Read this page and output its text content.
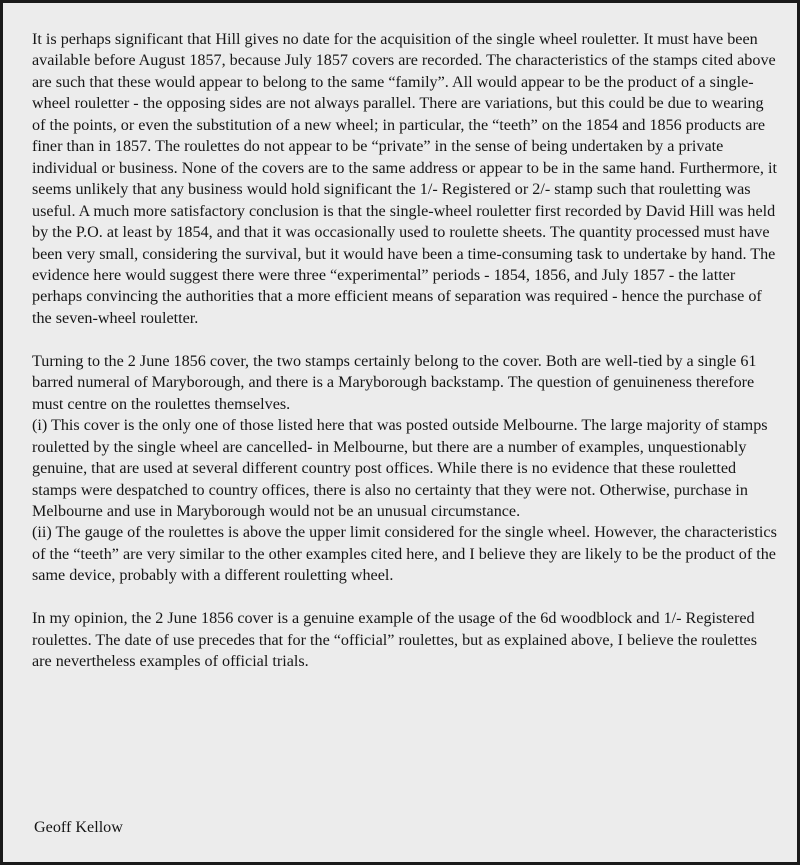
It is perhaps significant that Hill gives no date for the acquisition of the single wheel rouletter. It must have been available before August 1857, because July 1857 covers are recorded. The characteristics of the stamps cited above are such that these would appear to belong to the same “family”. All would appear to be the product of a single-wheel rouletter - the opposing sides are not always parallel. There are variations, but this could be due to wearing of the points, or even the substitution of a new wheel; in particular, the “teeth” on the 1854 and 1856 products are finer than in 1857. The roulettes do not appear to be “private” in the sense of being undertaken by a private individual or business. None of the covers are to the same address or appear to be in the same hand. Furthermore, it seems unlikely that any business would hold significant the 1/- Registered or 2/- stamp such that rouletting was useful. A much more satisfactory conclusion is that the single-wheel rouletter first recorded by David Hill was held by the P.O. at least by 1854, and that it was occasionally used to roulette sheets. The quantity processed must have been very small, considering the survival, but it would have been a time-consuming task to undertake by hand. The evidence here would suggest there were three “experimental” periods - 1854, 1856, and July 1857 - the latter perhaps convincing the authorities that a more efficient means of separation was required - hence the purchase of the seven-wheel rouletter.

Turning to the 2 June 1856 cover, the two stamps certainly belong to the cover. Both are well-tied by a single 61 barred numeral of Maryborough, and there is a Maryborough backstamp. The question of genuineness therefore must centre on the roulettes themselves.

(i) This cover is the only one of those listed here that was posted outside Melbourne. The large majority of stamps rouletted by the single wheel are cancelled- in Melbourne, but there are a number of examples, unquestionably genuine, that are used at several different country post offices. While there is no evidence that these rouletted stamps were despatched to country offices, there is also no certainty that they were not. Otherwise, purchase in Melbourne and use in Maryborough would not be an unusual circumstance.

(ii) The gauge of the roulettes is above the upper limit considered for the single wheel. However, the characteristics of the “teeth” are very similar to the other examples cited here, and I believe they are likely to be the product of the same device, probably with a different rouletting wheel.

In my opinion, the 2 June 1856 cover is a genuine example of the usage of the 6d woodblock and 1/- Registered roulettes. The date of use precedes that for the “official” roulettes, but as explained above, I believe the roulettes are nevertheless examples of official trials.

Geoff Kellow
